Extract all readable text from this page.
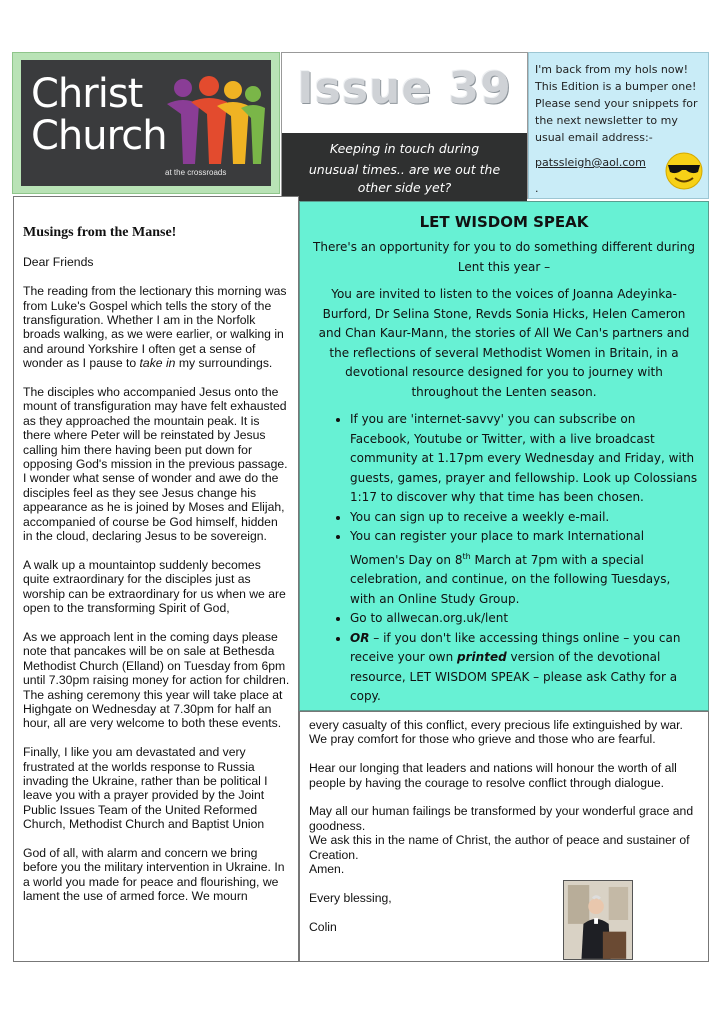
Christ
Church
at the crossroads
Issue 39
Keeping in touch during
unusual times.. are we out the
other side yet?
I'm back from my hols now! This Edition is a bumper one! Please send your snippets for the next newsletter to my usual email address:-
patssleigh@aol.com
.

Musings from the Manse!

Dear Friends

The reading from the lectionary this morning was from Luke's Gospel which tells the story of the transfiguration. Whether I am in the Norfolk broads walking, as we were earlier, or walking in and around Yorkshire I often get a sense of wonder as I pause to take in my surroundings.

The disciples who accompanied Jesus onto the mount of transfiguration may have felt exhausted as they approached the mountain peak. It is there where Peter will be reinstated by Jesus calling him there having been put down for opposing God's mission in the previous passage. I wonder what sense of wonder and awe do the disciples feel as they see Jesus change his appearance as he is joined by Moses and Elijah, accompanied of course be God himself, hidden in the cloud, declaring Jesus to be sovereign.

A walk up a mountaintop suddenly becomes quite extraordinary for the disciples just as worship can be extraordinary for us when we are open to the transforming Spirit of God,

As we approach lent in the coming days please note that pancakes will be on sale at Bethesda Methodist Church (Elland) on Tuesday from 6pm until 7.30pm raising money for action for children. The ashing ceremony this year will take place at Highgate on Wednesday at 7.30pm for half an hour, all are very welcome to both these events.

Finally, I like you am devastated and very frustrated at the worlds response to Russia invading the Ukraine, rather than be political I leave you with a prayer provided by the Joint Public Issues Team of the United Reformed Church, Methodist Church and Baptist Union

God of all, with alarm and concern we bring before you the military intervention in Ukraine. In a world you made for peace and flourishing, we lament the use of armed force. We mourn

LET WISDOM SPEAK

There's an opportunity for you to do something different during Lent this year –

You are invited to listen to the voices of Joanna Adeyinka-Burford, Dr Selina Stone, Revds Sonia Hicks, Helen Cameron and Chan Kaur-Mann, the stories of All We Can's partners and the reflections of several Methodist Women in Britain, in a devotional resource designed for you to journey with throughout the Lenten season.

• If you are 'internet-savvy' you can subscribe on Facebook, Youtube or Twitter, with a live broadcast community at 1.17pm every Wednesday and Friday, with guests, games, prayer and fellowship. Look up Colossians 1:17 to discover why that time has been chosen.
• You can sign up to receive a weekly e-mail.
• You can register your place to mark International Women's Day on 8th March at 7pm with a special celebration, and continue, on the following Tuesdays, with an Online Study Group.
• Go to allwecan.org.uk/lent
• OR – if you don't like accessing things online – you can receive your own printed version of the devotional resource, LET WISDOM SPEAK – please ask Cathy for a copy.

every casualty of this conflict, every precious life extinguished by war. We pray comfort for those who grieve and those who are fearful.

Hear our longing that leaders and nations will honour the worth of all people by having the courage to resolve conflict through dialogue.

May all our human failings be transformed by your wonderful grace and goodness.
We ask this in the name of Christ, the author of peace and sustainer of Creation.

Amen.

Every blessing,

Colin
